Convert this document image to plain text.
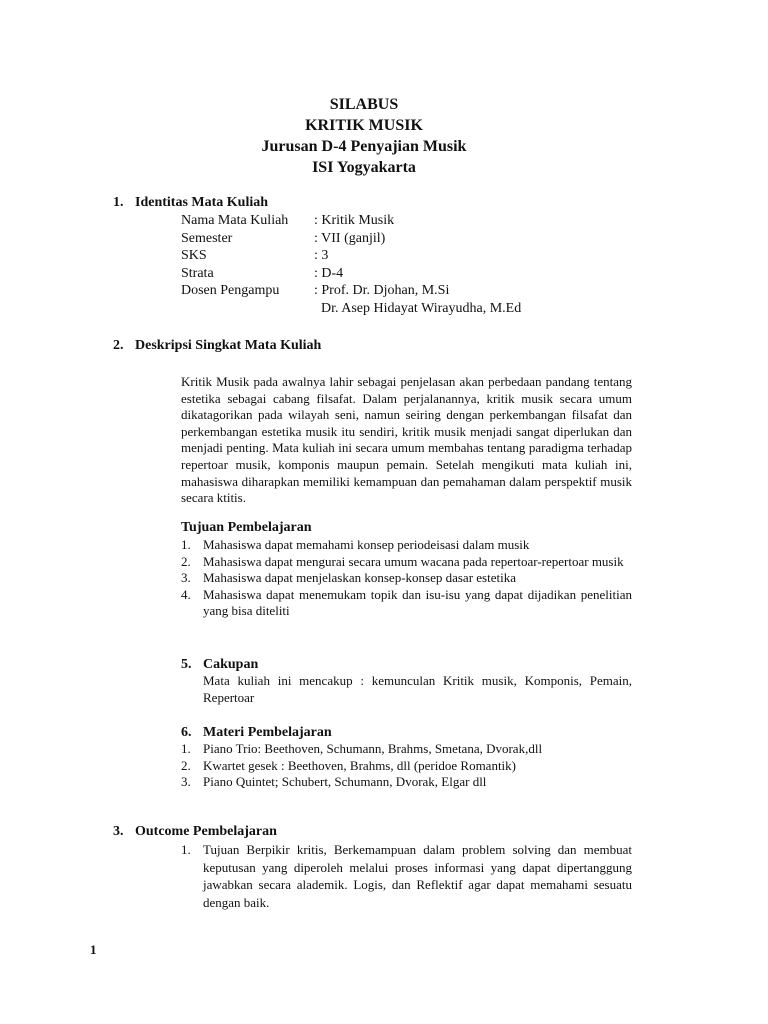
SILABUS
KRITIK MUSIK
Jurusan D-4 Penyajian Musik
ISI Yogyakarta
1. Identitas Mata Kuliah
Nama Mata Kuliah	: Kritik Musik
Semester	: VII (ganjil)
SKS	: 3
Strata	: D-4
Dosen Pengampu	: Prof. Dr. Djohan, M.Si
Dr. Asep Hidayat Wirayudha, M.Ed
2. Deskripsi Singkat Mata Kuliah
Kritik Musik pada awalnya lahir sebagai penjelasan akan perbedaan pandang tentang estetika sebagai cabang filsafat. Dalam perjalanannya, kritik musik secara umum dikatagorikan pada wilayah seni, namun seiring dengan perkembangan filsafat dan perkembangan estetika musik itu sendiri, kritik musik menjadi sangat diperlukan dan menjadi penting. Mata kuliah ini secara umum membahas tentang paradigma terhadap repertoar musik, komponis maupun pemain. Setelah mengikuti mata kuliah ini, mahasiswa diharapkan memiliki kemampuan dan pemahaman dalam perspektif musik secara ktitis.
Tujuan Pembelajaran
1. Mahasiswa dapat memahami konsep periodeisasi dalam musik
2. Mahasiswa dapat mengurai secara umum wacana pada repertoar-repertoar musik
3. Mahasiswa dapat menjelaskan konsep-konsep dasar estetika
4. Mahasiswa dapat menemukam topik dan isu-isu yang dapat dijadikan penelitian yang bisa diteliti
5. Cakupan
Mata kuliah ini mencakup : kemunculan Kritik musik, Komponis, Pemain, Repertoar
6. Materi Pembelajaran
1. Piano Trio: Beethoven, Schumann, Brahms, Smetana, Dvorak,dll
2. Kwartet gesek : Beethoven, Brahms, dll (peridoe Romantik)
3. Piano Quintet; Schubert, Schumann, Dvorak, Elgar dll
3. Outcome Pembelajaran
1. Tujuan Berpikir kritis, Berkemampuan dalam problem solving dan membuat keputusan yang diperoleh melalui proses informasi yang dapat dipertanggung jawabkan secara alademik. Logis, dan Reflektif agar dapat memahami sesuatu dengan baik.
1
